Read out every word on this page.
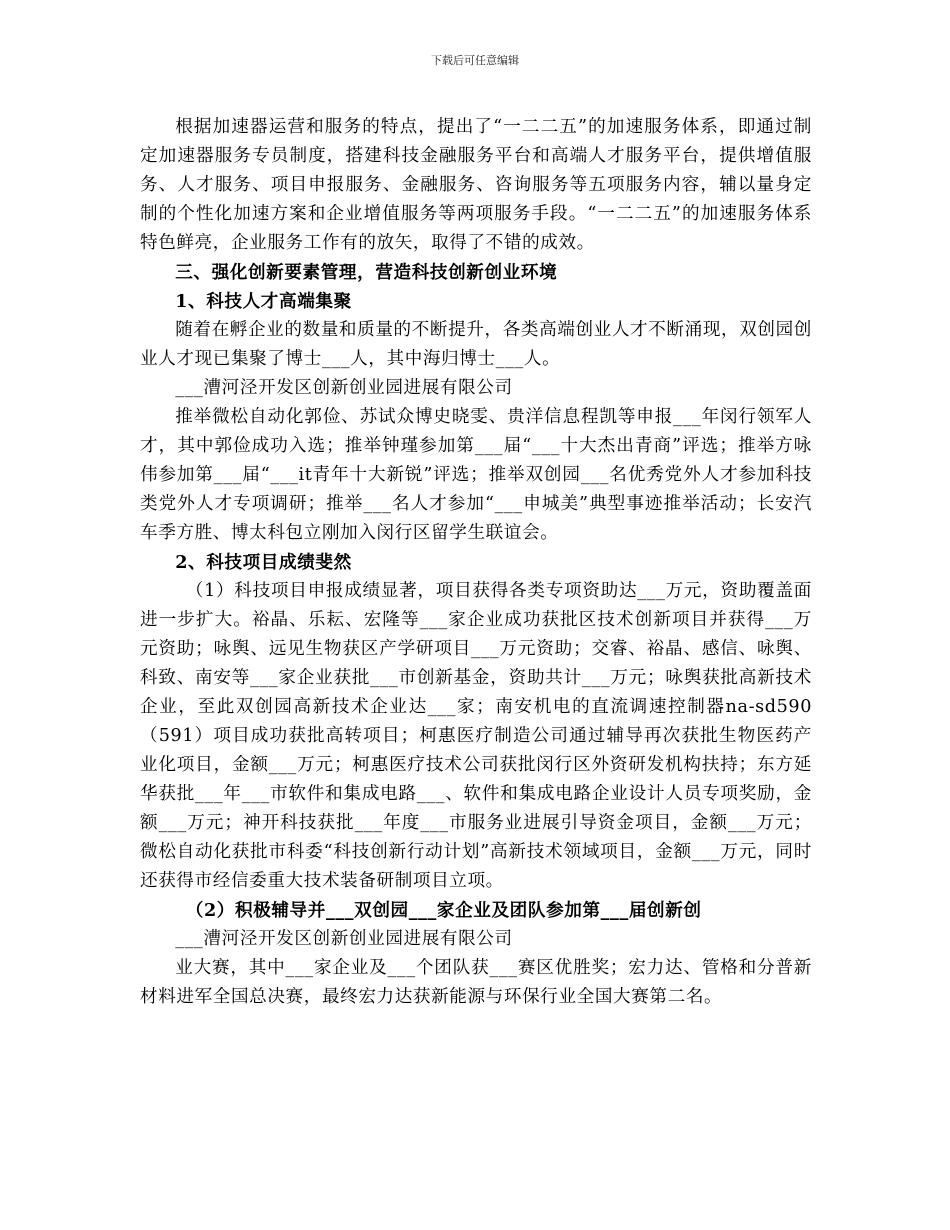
下载后可任意编辑

根据加速器运营和服务的特点，提出了“一二二五”的加速服务体系，即通过制定加速器服务专员制度，搭建科技金融服务平台和高端人才服务平台，提供增值服务、人才服务、项目申报服务、金融服务、咨询服务等五项服务内容，辅以量身定制的个性化加速方案和企业增值服务等两项服务手段。“一二二五”的加速服务体系特色鲜亮，企业服务工作有的放矢，取得了不错的成效。

三、强化创新要素管理，营造科技创新创业环境

1、科技人才高端集聚

随着在孵企业的数量和质量的不断提升，各类高端创业人才不断涌现，双创园创业人才现已集聚了博士___人，其中海归博士___人。

___漕河泾开发区创新创业园进展有限公司

推举微松自动化郭俭、苏试众博史晓雯、贵洋信息程凯等申报___年闵行领军人才，其中郭俭成功入选；推举钟瑾参加第___届“___十大杰出青商”评选；推举方咏伟参加第___届“___it青年十大新锐”评选；推举双创园___名优秀党外人才参加科技类党外人才专项调研；推举___名人才参加“___申城美”典型事迹推举活动；长安汽车季方胜、博太科包立刚加入闵行区留学生联谊会。

2、科技项目成绩斐然

（1）科技项目申报成绩显著，项目获得各类专项资助达___万元，资助覆盖面进一步扩大。裕晶、乐耘、宏隆等___家企业成功获批区技术创新项目并获得___万元资助；咏舆、远见生物获区产学研项目___万元资助；交睿、裕晶、感信、咏舆、科致、南安等___家企业获批___市创新基金，资助共计___万元；咏舆获批高新技术企业，至此双创园高新技术企业达___家；南安机电的直流调速控制器na-sd590（591）项目成功获批高转项目；柯惠医疗制造公司通过辅导再次获批生物医药产业化项目，金额___万元；柯惠医疗技术公司获批闵行区外资研发机构扶持；东方延华获批___年___市软件和集成电路___、软件和集成电路企业设计人员专项奖励，金额___万元；神开科技获批___年度___市服务业进展引导资金项目，金额___万元；微松自动化获批市科委“科技创新行动计划”高新技术领域项目，金额___万元，同时还获得市经信委重大技术装备研制项目立项。

（2）积极辅导并___双创园___家企业及团队参加第___届创新创

___漕河泾开发区创新创业园进展有限公司

业大赛，其中___家企业及___个团队获___赛区优胜奖；宏力达、管格和分普新材料进军全国总决赛，最终宏力达获新能源与环保行业全国大赛第二名。
